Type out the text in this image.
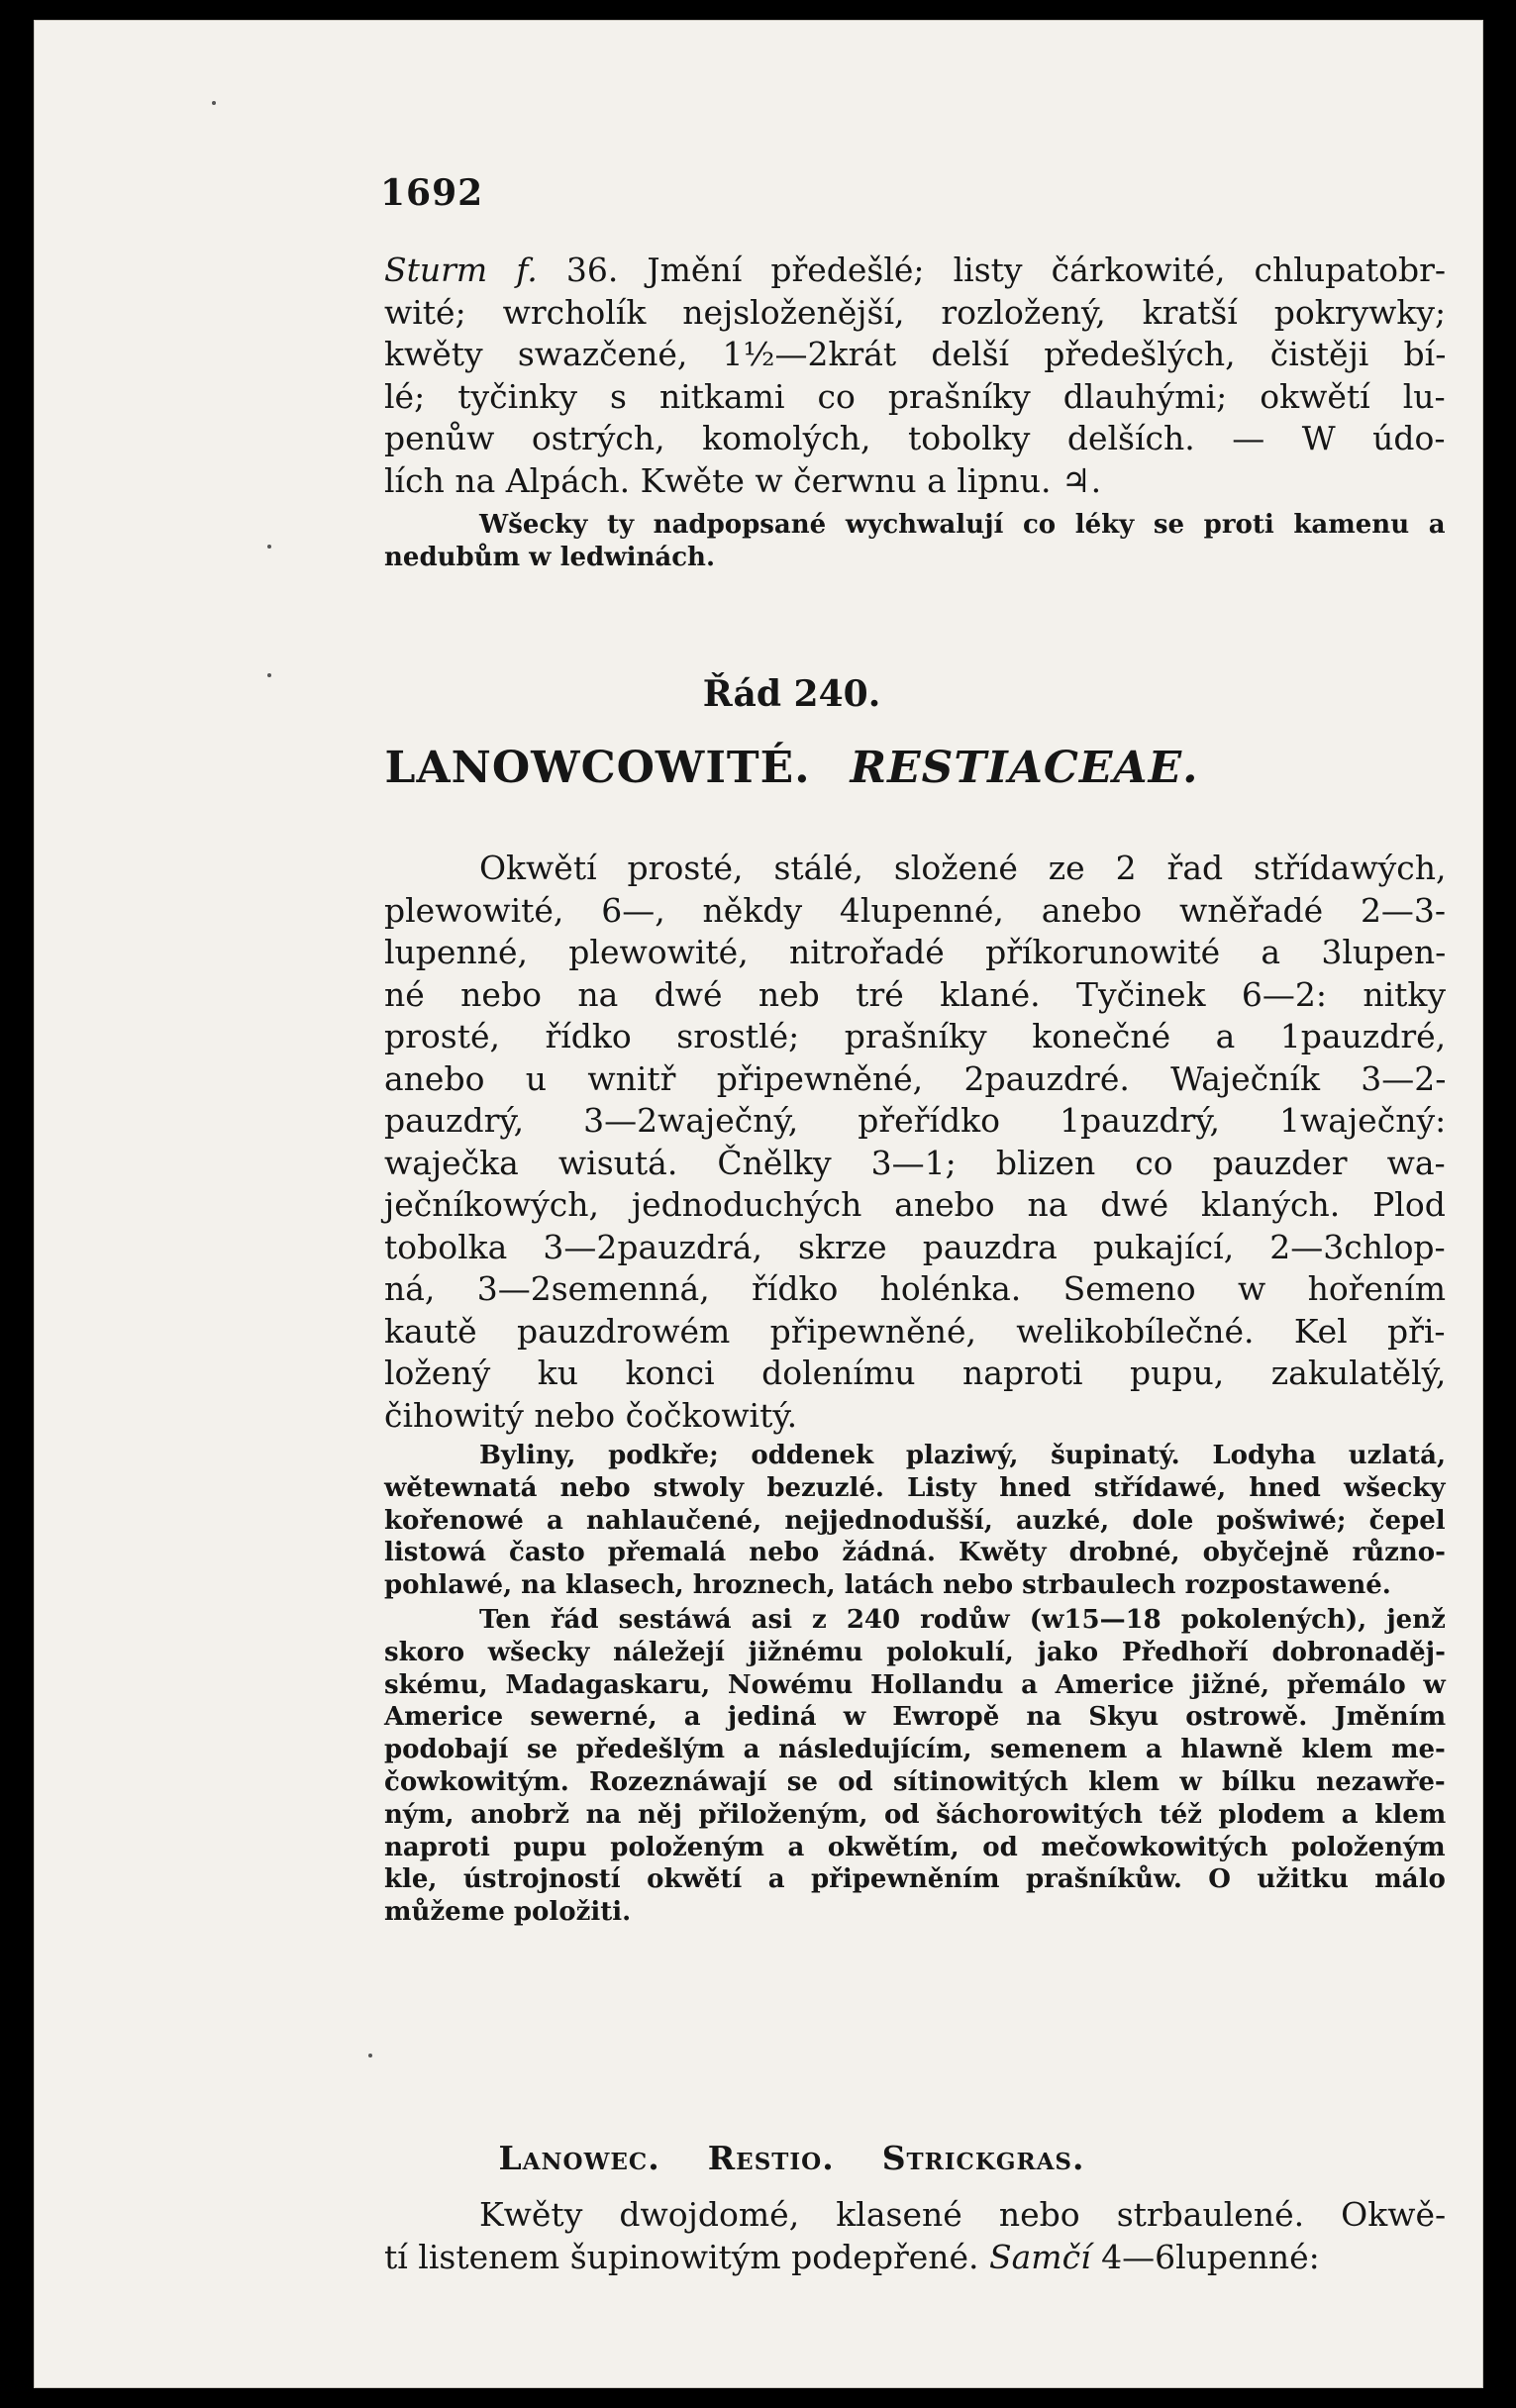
1692
Sturm f. 36. Jmění předešlé; listy čárkowité, chlupatobr-
wité; wrcholík nejsloženější, rozložený, kratší pokrywky;
kwěty swazčené, 1½—2krát delší předešlých, čistěji bí-
lé; tyčinky s nitkami co prašníky dlauhými; okwětí lu-
penůw ostrých, komolých, tobolky delších. — W údo-
lích na Alpách. Kwěte w čerwnu a lipnu. ♃.
Wšecky ty nadpopsané wychwalují co léky se proti kamenu a
nedubům w ledwinách.
Řád 240.
LANOWCOWITÉ. RESTIACEAE.
Okwětí prosté, stálé, složené ze 2 řad střídawých,
plewowité, 6—, někdy 4lupenné, anebo wněřadé 2—3-
lupenné, plewowité, nitrořadé příkorunowité a 3lupen-
né nebo na dwé neb tré klané. Tyčinek 6—2: nitky
prosté, řídko srostlé; prašníky konečné a 1pauzdré,
anebo u wnitř připewněné, 2pauzdré. Waječník 3—2-
pauzdrý, 3—2waječný, přeřídko 1pauzdrý, 1waječný:
waječka wisutá. Čnělky 3—1; blizen co pauzder wa-
ječníkowých, jednoduchých anebo na dwé klaných. Plod
tobolka 3—2pauzdrá, skrze pauzdra pukající, 2—3chlop-
ná, 3—2semenná, řídko holénka. Semeno w hořením
kautě pauzdrowém připewněné, welikobílečné. Kel při-
ložený ku konci dolenímu naproti pupu, zakulatělý,
čihowitý nebo čočkowitý.
Byliny, podkře; oddenek plaziwý, šupinatý. Lodyha uzlatá,
wětewnatá nebo stwoly bezuzlé. Listy hned střídawé, hned wšecky
kořenowé a nahlaučené, nejjednodušší, auzké, dole pošwiwé; čepel
listowá často přemalá nebo žádná. Kwěty drobné, obyčejně různo-
pohlawé, na klasech, hroznech, latách nebo strbaulech rozpostawené.
Ten řád sestáwá asi z 240 rodůw (w15—18 pokolených), jenž
skoro wšecky náležejí jižnému polokulí, jako Předhoří dobronaděj-
skému, Madagaskaru, Nowému Hollandu a Americe jižné, přemálo w
Americe sewerné, a jediná w Ewropě na Skyu ostrowě. Jměním
podobají se předešlým a následujícím, semenem a hlawně klem me-
čowkowitým. Rozeznáwají se od sítinowitých klem w bílku nezawře-
ným, anobrž na něj přiloženým, od šáchorowitých též plodem a klem
naproti pupu položeným a okwětím, od mečowkowitých položeným
kle, ústrojností okwětí a připewněním prašníkůw. O užitku málo
můžeme položiti.
Lanowec. Restio. Strickgras.
Kwěty dwojdomé, klasené nebo strbaulené. Okwě-
tí listenem šupinowitým podepřené. Samčí 4—6lupenné:
